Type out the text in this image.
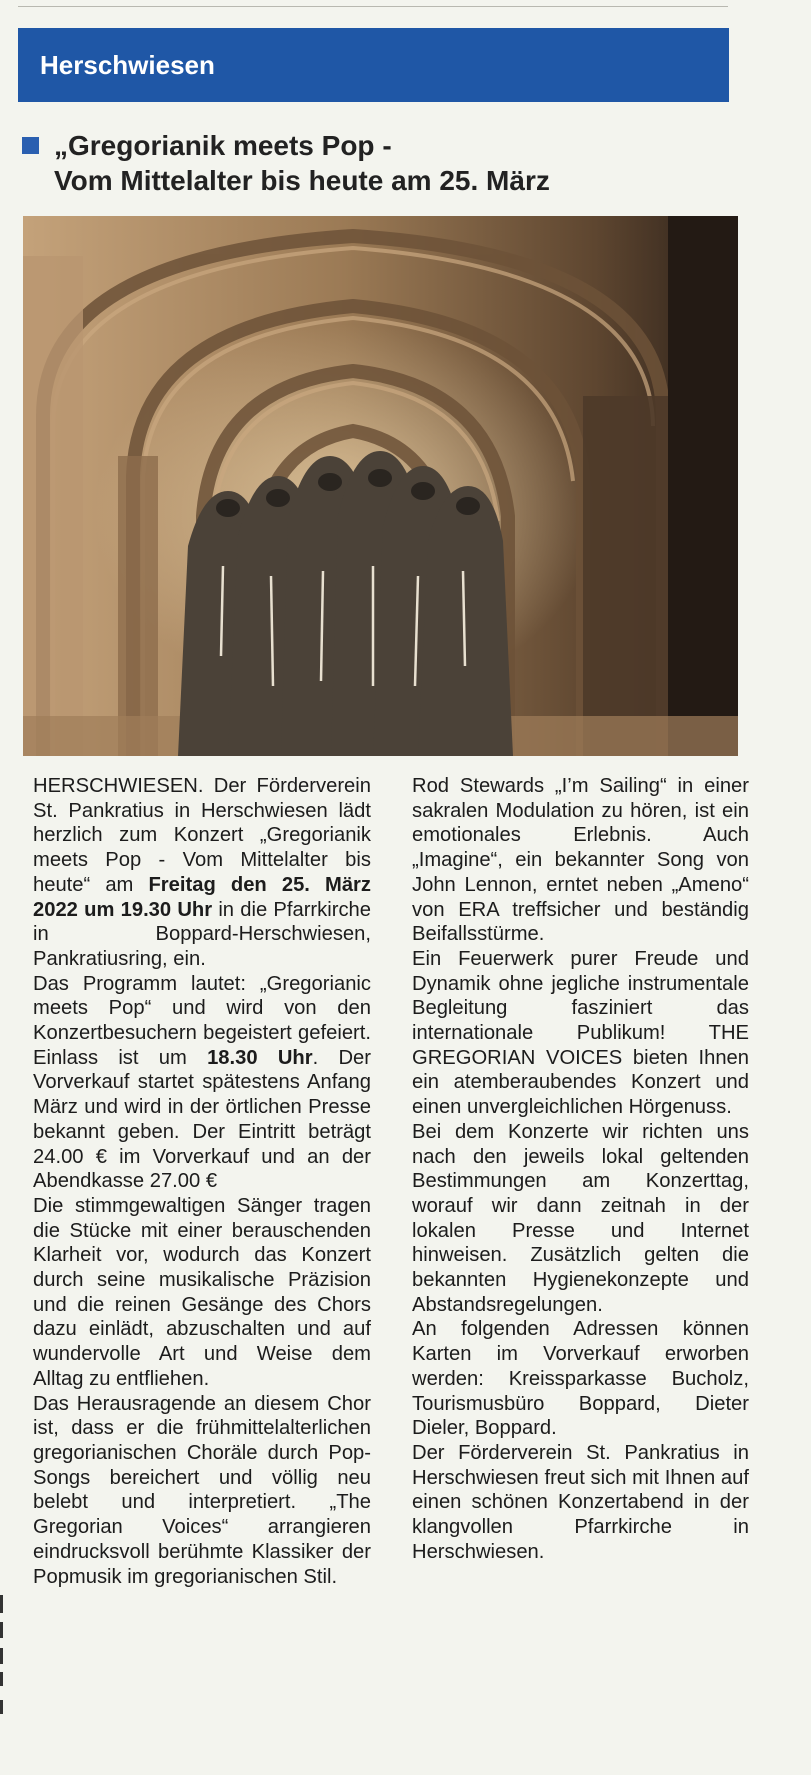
Herschwiesen
„Gregorianik meets Pop -
Vom Mittelalter bis heute am 25. März

HERSCHWIESEN. Der Förderverein St. Pankratius in Herschwiesen lädt herzlich zum Konzert „Gregorianik meets Pop - Vom Mittelalter bis heute“ am Freitag den 25. März 2022 um 19.30 Uhr in die Pfarrkirche in Boppard-Herschwiesen, Pankratiusring, ein.

Das Programm lautet: „Gregorianic meets Pop“ und wird von den Konzertbesuchern begeistert gefeiert. Einlass ist um 18.30 Uhr. Der Vorverkauf startet spätestens Anfang März und wird in der örtlichen Presse bekannt geben. Der Eintritt beträgt 24.00 € im Vorverkauf und an der Abendkasse 27.00 €

Die stimmgewaltigen Sänger tragen die Stücke mit einer berauschenden Klarheit vor, wodurch das Konzert durch seine musikalische Präzision und die reinen Gesänge des Chors dazu einlädt, abzuschalten und auf wundervolle Art und Weise dem Alltag zu entfliehen.

Das Herausragende an diesem Chor ist, dass er die frühmittelalterlichen gregorianischen Choräle durch Pop-Songs bereichert und völlig neu belebt und interpretiert. „The Gregorian Voices“ arrangieren eindrucksvoll berühmte Klassiker der Popmusik im gregorianischen Stil.

Rod Stewards „I’m Sailing“ in einer sakralen Modulation zu hören, ist ein emotionales Erlebnis. Auch „Imagine“, ein bekannter Song von John Lennon, erntet neben „Ameno“ von ERA treffsicher und beständig Beifallsstürme.

Ein Feuerwerk purer Freude und Dynamik ohne jegliche instrumentale Begleitung fasziniert das internationale Publikum! THE GREGORIAN VOICES bieten Ihnen ein atemberaubendes Konzert und einen unvergleichlichen Hörgenuss.

Bei dem Konzerte wir richten uns nach den jeweils lokal geltenden Bestimmungen am Konzerttag, worauf wir dann zeitnah in der lokalen Presse und Internet hinweisen. Zusätzlich gelten die bekannten Hygienekonzepte und Abstandsregelungen.

An folgenden Adressen können Karten im Vorverkauf erworben werden: Kreissparkasse Bucholz, Tourismusbüro Boppard, Dieter Dieler, Boppard.

Der Förderverein St. Pankratius in Herschwiesen freut sich mit Ihnen auf einen schönen Konzertabend in der klangvollen Pfarrkirche in Herschwiesen.
